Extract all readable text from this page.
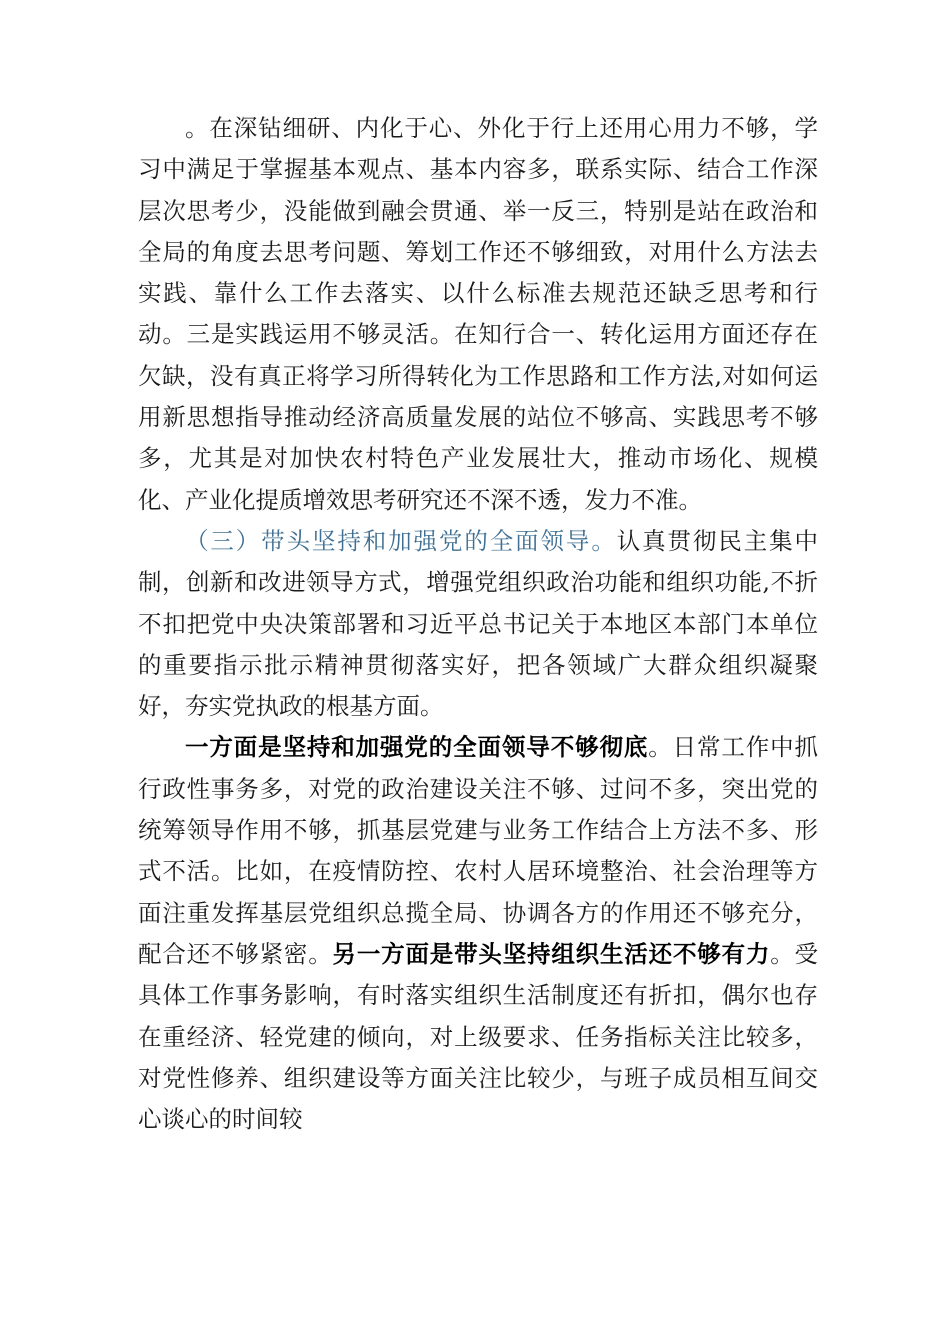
。在深钻细研、内化于心、外化于行上还用心用力不够，学习中满足于掌握基本观点、基本内容多，联系实际、结合工作深层次思考少，没能做到融会贯通、举一反三，特别是站在政治和全局的角度去思考问题、筹划工作还不够细致，对用什么方法去实践、靠什么工作去落实、以什么标准去规范还缺乏思考和行动。三是实践运用不够灵活。在知行合一、转化运用方面还存在欠缺，没有真正将学习所得转化为工作思路和工作方法,对如何运用新思想指导推动经济高质量发展的站位不够高、实践思考不够多，尤其是对加快农村特色产业发展壮大，推动市场化、规模化、产业化提质增效思考研究还不深不透，发力不准。

（三）带头坚持和加强党的全面领导。认真贯彻民主集中制，创新和改进领导方式，增强党组织政治功能和组织功能,不折不扣把党中央决策部署和习近平总书记关于本地区本部门本单位的重要指示批示精神贯彻落实好，把各领域广大群众组织凝聚好，夯实党执政的根基方面。

一方面是坚持和加强党的全面领导不够彻底。日常工作中抓行政性事务多，对党的政治建设关注不够、过问不多，突出党的统筹领导作用不够，抓基层党建与业务工作结合上方法不多、形式不活。比如，在疫情防控、农村人居环境整治、社会治理等方面注重发挥基层党组织总揽全局、协调各方的作用还不够充分，配合还不够紧密。另一方面是带头坚持组织生活还不够有力。受具体工作事务影响，有时落实组织生活制度还有折扣，偶尔也存在重经济、轻党建的倾向，对上级要求、任务指标关注比较多，对党性修养、组织建设等方面关注比较少，与班子成员相互间交心谈心的时间较
